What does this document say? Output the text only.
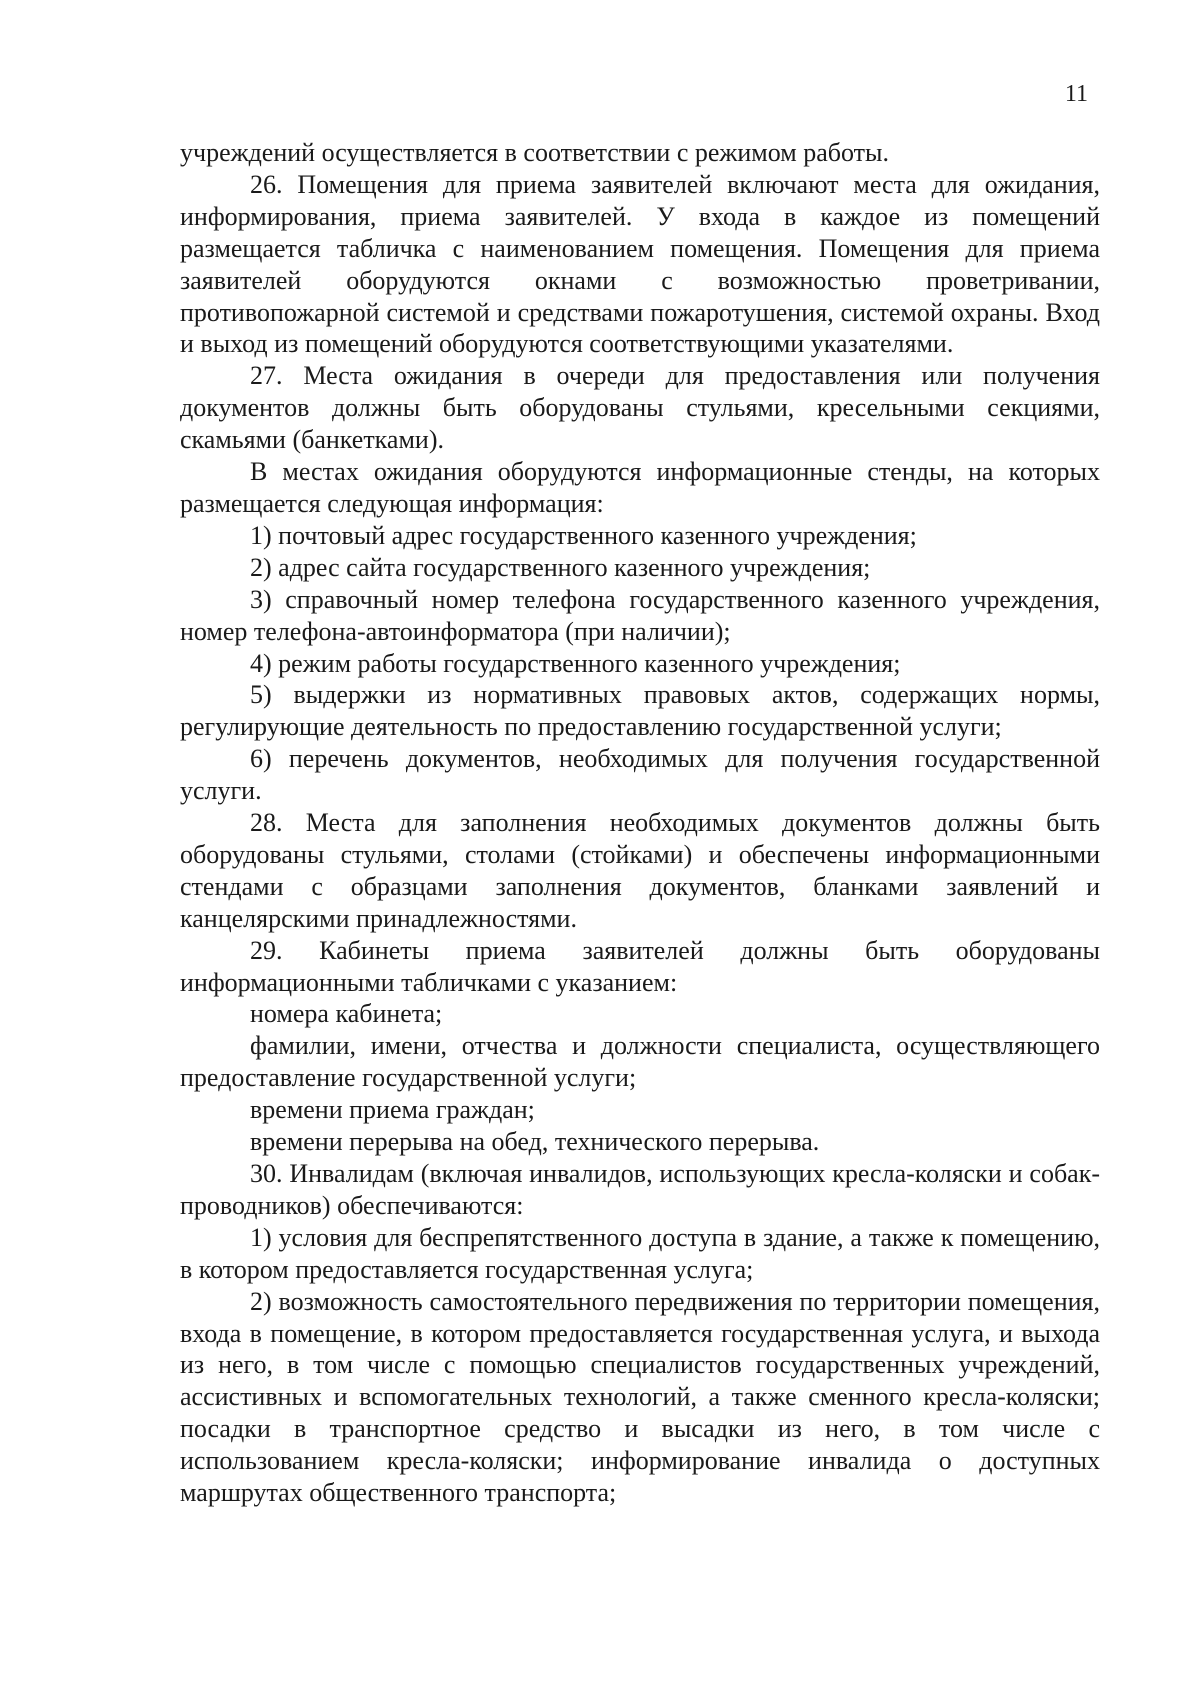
11

учреждений осуществляется в соответствии с режимом работы.

26. Помещения для приема заявителей включают места для ожидания, информирования, приема заявителей. У входа в каждое из помещений размещается табличка с наименованием помещения. Помещения для приема заявителей оборудуются окнами с возможностью проветривании, противопожарной системой и средствами пожаротушения, системой охраны. Вход и выход из помещений оборудуются соответствующими указателями.

27. Места ожидания в очереди для предоставления или получения документов должны быть оборудованы стульями, кресельными секциями, скамьями (банкетками).

В местах ожидания оборудуются информационные стенды, на которых размещается следующая информация:

1) почтовый адрес государственного казенного учреждения;

2) адрес сайта государственного казенного учреждения;

3) справочный номер телефона государственного казенного учреждения, номер телефона-автоинформатора (при наличии);

4) режим работы государственного казенного учреждения;

5) выдержки из нормативных правовых актов, содержащих нормы, регулирующие деятельность по предоставлению государственной услуги;

6) перечень документов, необходимых для получения государственной услуги.

28. Места для заполнения необходимых документов должны быть оборудованы стульями, столами (стойками) и обеспечены информационными стендами с образцами заполнения документов, бланками заявлений и канцелярскими принадлежностями.

29. Кабинеты приема заявителей должны быть оборудованы информационными табличками с указанием:

номера кабинета;

фамилии, имени, отчества и должности специалиста, осуществляющего предоставление государственной услуги;

времени приема граждан;

времени перерыва на обед, технического перерыва.

30. Инвалидам (включая инвалидов, использующих кресла-коляски и собак-проводников) обеспечиваются:

1) условия для беспрепятственного доступа в здание, а также к помещению, в котором предоставляется государственная услуга;

2) возможность самостоятельного передвижения по территории помещения, входа в помещение, в котором предоставляется государственная услуга, и выхода из него, в том числе с помощью специалистов государственных учреждений, ассистивных и вспомогательных технологий, а также сменного кресла-коляски; посадки в транспортное средство и высадки из него, в том числе с использованием кресла-коляски; информирование инвалида о доступных маршрутах общественного транспорта;
